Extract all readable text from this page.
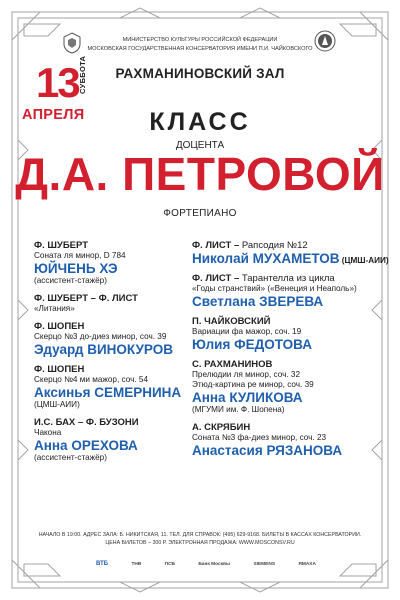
МИНИСТЕРСТВО КУЛЬТУРЫ РОССИЙСКОЙ ФЕДЕРАЦИИ
МОСКОВСКАЯ ГОСУДАРСТВЕННАЯ КОНСЕРВАТОРИЯ ИМЕНИ П.И. ЧАЙКОВСКОГО
РАХМАНИНОВСКИЙ ЗАЛ
13 СУББОТА
АПРЕЛЯ	КЛАСС
ДОЦЕНТА
Д.А. ПЕТРОВОЙ
ФОРТЕПИАНО
Ф. ШУБЕРТ
Соната ля минор, D 784
ЮЙЧЕНЬ ХЭ
(ассистент-стажёр)
Ф. ШУБЕРТ – Ф. ЛИСТ
«Литания»
Ф. ШОПЕН
Скерцо №3 до-диез минор, соч. 39
Эдуард ВИНОКУРОВ
Ф. ШОПЕН
Скерцо №4 ми мажор, соч. 54
Аксинья СЕМЕРНИНА
(ЦМШ-АИИ)
И.С. БАХ – Ф. БУЗОНИ
Чакона
Анна ОРЕХОВА
(ассистент-стажёр)
Ф. ЛИСТ – Рапсодия №12
Николай МУХАМЕТОВ (ЦМШ-АИИ)
Ф. ЛИСТ – Тарантелла из цикла
«Годы странствий» («Венеция и Неаполь»)
Светлана ЗВЕРЕВА
П. ЧАЙКОВСКИЙ
Вариации фа мажор, соч. 19
Юлия ФЕДОТОВА
С. РАХМАНИНОВ
Прелюдии ля минор, соч. 32
Этюд-картина ре минор, соч. 39
Анна КУЛИКОВА
(МГУМИ им. Ф. Шопена)
А. СКРЯБИН
Соната №3 фа-диез минор, соч. 23
Анастасия РЯЗАНОВА
НАЧАЛО В 19:00. АДРЕС ЗАЛА: Б. НИКИТСКАЯ, 11. ТЕЛ. ДЛЯ СПРАВОК: (495) 629-9168. БИЛЕТЫ В КАССАХ КОНСЕРВАТОРИИ.
ЦЕНА БИЛЕТОВ – 300 Р. ЭЛЕКТРОННАЯ ПРОДАЖА: WWW.MOSCONSV.RU
ВТБ	ТНВ	ПСБ	Банк Москвы	SIEMENS	ЯМАХА
